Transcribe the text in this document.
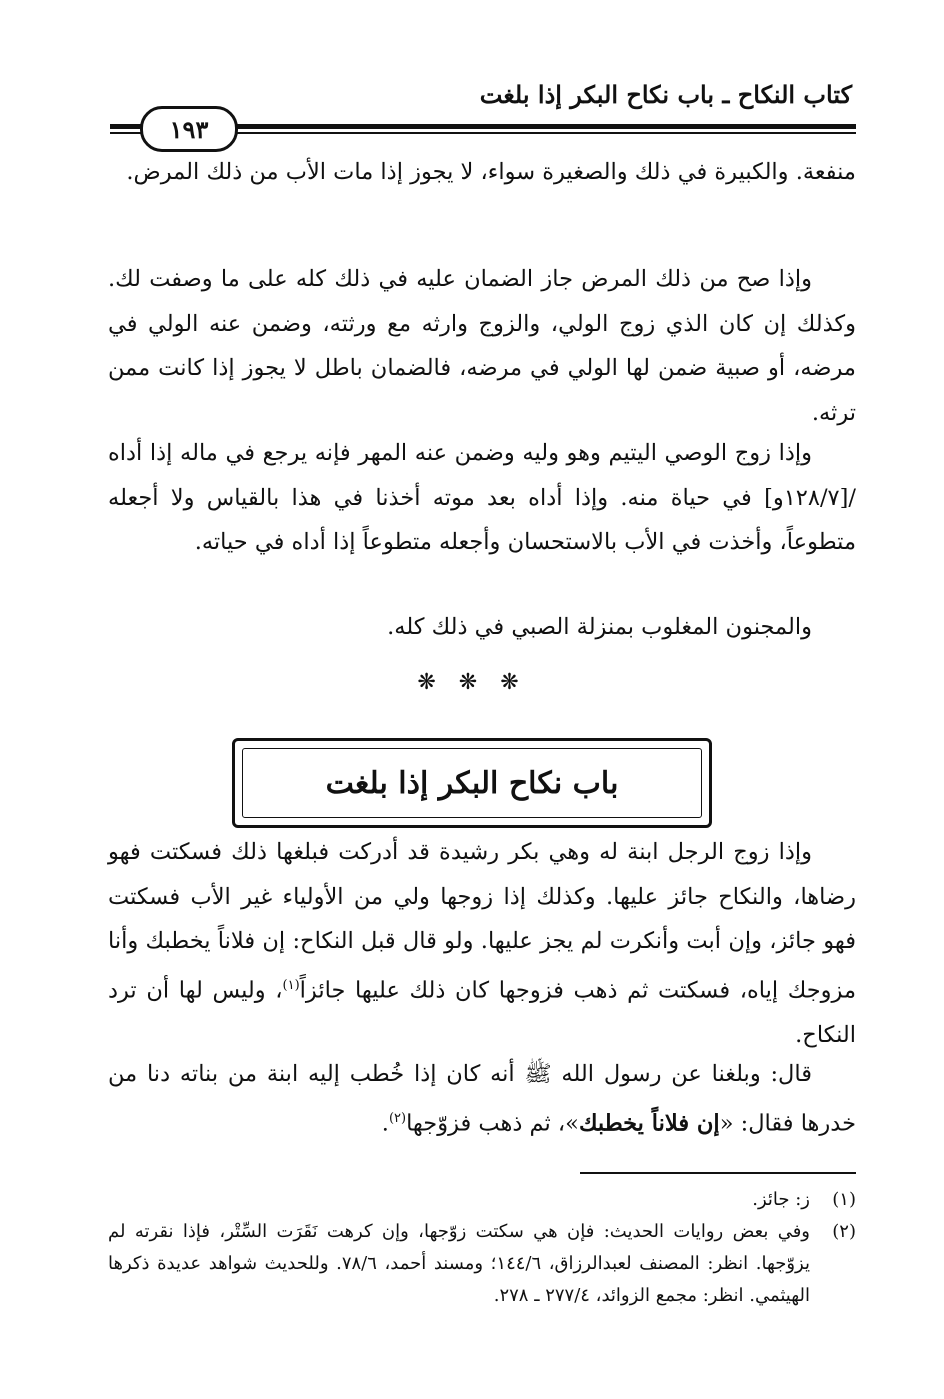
كتاب النكاح ـ باب نكاح البكر إذا بلغت
١٩٣

منفعة. والكبيرة في ذلك والصغيرة سواء، لا يجوز إذا مات الأب من ذلك المرض.

وإذا صح من ذلك المرض جاز الضمان عليه في ذلك كله على ما وصفت لك. وكذلك إن كان الذي زوج الولي، والزوج وارثه مع ورثته، وضمن عنه الولي في مرضه، أو صبية ضمن لها الولي في مرضه، فالضمان باطل لا يجوز إذا كانت ممن ترثه.

وإذا زوج الوصي اليتيم وهو وليه وضمن عنه المهر فإنه يرجع في ماله إذا أداه /[١٢٨/٧و] في حياة منه. وإذا أداه بعد موته أخذنا في هذا بالقياس ولا أجعله متطوعاً، وأخذت في الأب بالاستحسان وأجعله متطوعاً إذا أداه في حياته.

والمجنون المغلوب بمنزلة الصبي في ذلك كله.

❋ ❋ ❋
باب نكاح البكر إذا بلغت

وإذا زوج الرجل ابنة له وهي بكر رشيدة قد أدركت فبلغها ذلك فسكتت فهو رضاها، والنكاح جائز عليها. وكذلك إذا زوجها ولي من الأولياء غير الأب فسكتت فهو جائز، وإن أبت وأنكرت لم يجز عليها. ولو قال قبل النكاح: إن فلاناً يخطبك وأنا مزوجك إياه، فسكتت ثم ذهب فزوجها كان ذلك عليها جائزاً$^{(١)}$، وليس لها أن ترد النكاح.

قال: وبلغنا عن رسول الله ﷺ أنه كان إذا خُطب إليه ابنة من بناته دنا من خدرها فقال: «إن فلاناً يخطبك»، ثم ذهب فزوّجها$^{(٢)}$.

(١)
ز: جائز.
(٢)
وفي بعض روايات الحديث: فإن هي سكتت زوّجها، وإن كرهت نَقَرَت السِّتْر، فإذا نقرته لم يزوّجها. انظر: المصنف لعبدالرزاق، ١٤٤/٦؛ ومسند أحمد، ٧٨/٦. وللحديث شواهد عديدة ذكرها الهيثمي. انظر: مجمع الزوائد، ٢٧٧/٤ ـ ٢٧٨.
